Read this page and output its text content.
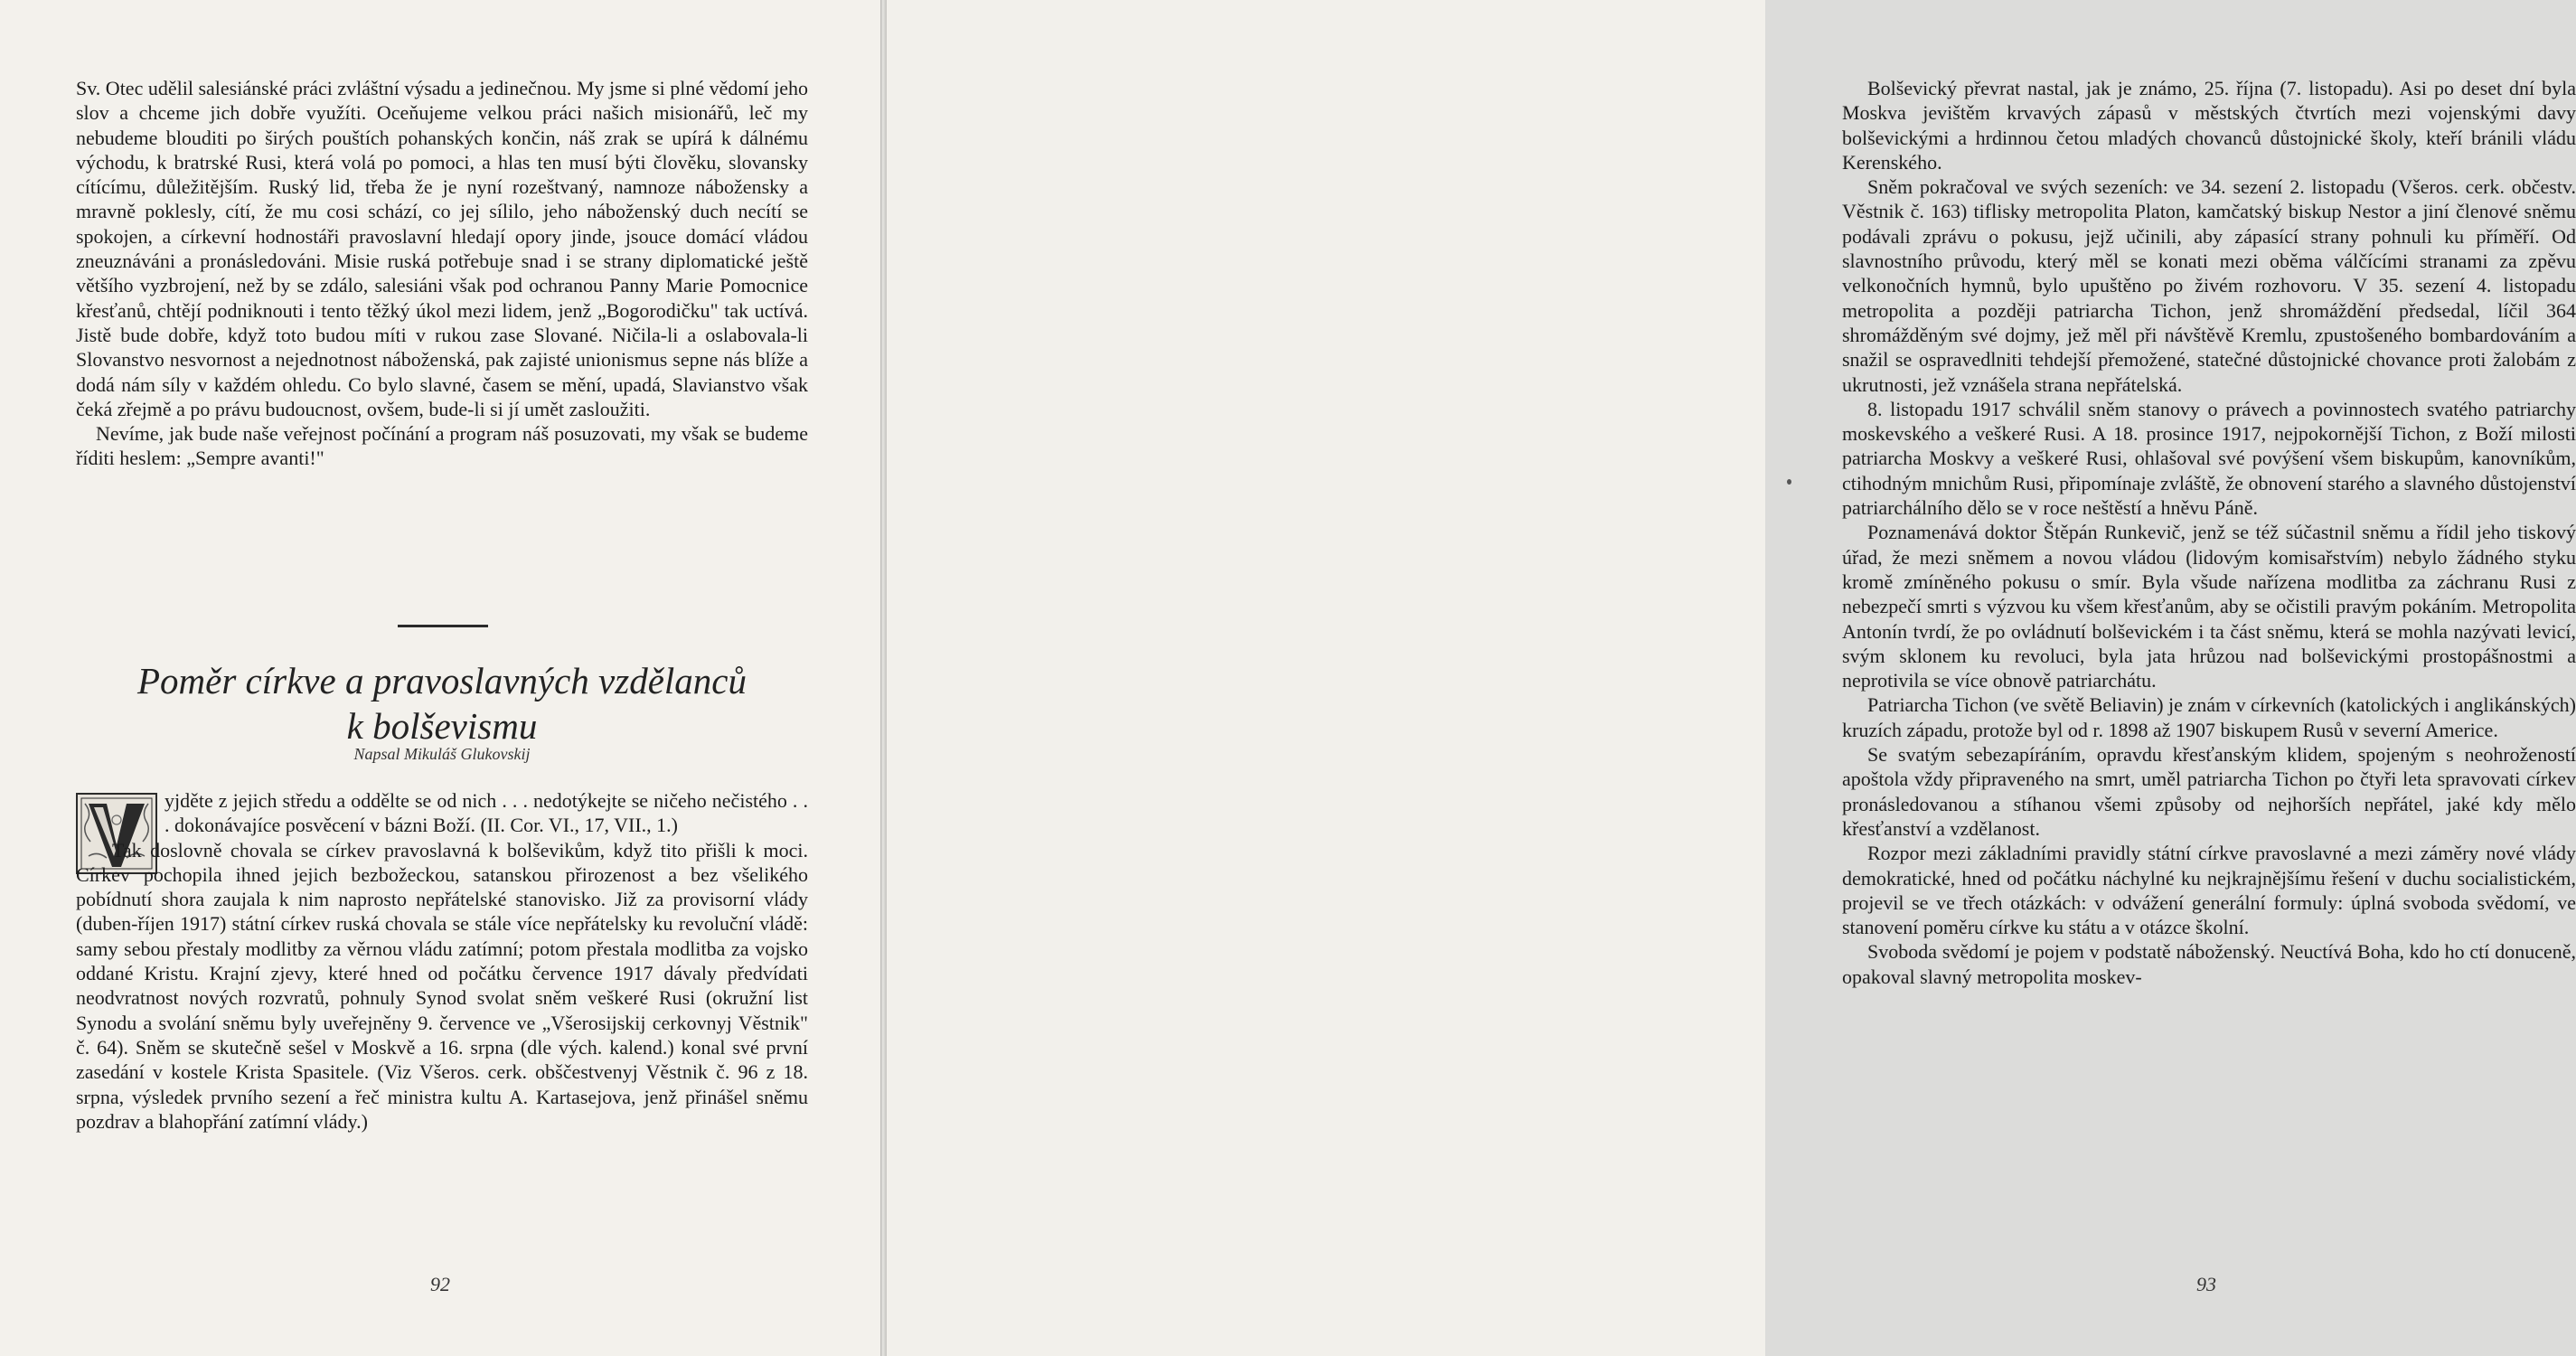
Sv. Otec udělil salesiánské práci zvláštní výsadu a jedinečnou. My jsme si plné vědomí jeho slov a chceme jich dobře využíti. Oceňujeme velkou práci našich misionářů, leč my nebudeme blouditi po širých pouštích pohanských končin, náš zrak se upírá k dálnému východu, k bratrské Rusi, která volá po pomoci, a hlas ten musí býti člověku, slovansky cítícímu, důležitějším. Ruský lid, třeba že je nyní rozeštvaný, namnoze nábožensky a mravně poklesly, cítí, že mu cosi schází, co jej sílilo, jeho náboženský duch necítí se spokojen, a církevní hodnostáři pravoslavní hledají opory jinde, jsouce domácí vládou zneuznáváni a pronásledováni. Misie ruská potřebuje snad i se strany diplomatické ještě většího vyzbrojení, než by se zdálo, salesiáni však pod ochranou Panny Marie Pomocnice křesťanů, chtějí podniknouti i tento těžký úkol mezi lidem, jenž „Bogorodičku" tak uctívá. Jistě bude dobře, když toto budou míti v rukou zase Slované. Ničila-li a oslabovala-li Slovanstvo nesvornost a nejednotnost náboženská, pak zajisté unionismus sepne nás blíže a dodá nám síly v každém ohledu. Co bylo slavné, časem se mění, upadá, Slavianstvo však čeká zřejmě a po právu budoucnost, ovšem, bude-li si jí umět zasloužiti.

Nevíme, jak bude naše veřejnost počínání a program náš posuzovati, my však se budeme říditi heslem: „Sempre avanti!"

Poměr církve a pravoslavných vzdělanců
k bolševismu
Napsal Mikuláš Glukovskij

yjděte z jejich středu a oddělte se od nich . . . nedotýkejte se ničeho nečistého . . . dokonávajíce posvěcení v bázni Boží. (II. Cor. VI., 17, VII., 1.)

Tak doslovně chovala se církev pravoslavná k bolševikům, když tito přišli k moci. Církev pochopila ihned jejich bezbožeckou, satanskou přirozenost a bez všelikého pobídnutí shora zaujala k nim naprosto nepřátelské stanovisko. Již za provisorní vlády (duben-říjen 1917) státní církev ruská chovala se stále více nepřátelsky ku revoluční vládě: samy sebou přestaly modlitby za věrnou vládu zatímní; potom přestala modlitba za vojsko oddané Kristu. Krajní zjevy, které hned od počátku července 1917 dávaly předvídati neodvratnost nových rozvratů, pohnuly Synod svolat sněm veškeré Rusi (okružní list Synodu a svolání sněmu byly uveřejněny 9. července ve „Všerosijskij cerkovnyj Věstnik" č. 64). Sněm se skutečně sešel v Moskvě a 16. srpna (dle vých. kalend.) konal své první zasedání v kostele Krista Spasitele. (Viz Všeros. cerk. obščestvenyj Věstnik č. 96 z 18. srpna, výsledek prvního sezení a řeč ministra kultu A. Kartasejova, jenž přinášel sněmu pozdrav a blahopřání zatímní vlády.)

92

Bolševický převrat nastal, jak je známo, 25. října (7. listopadu). Asi po deset dní byla Moskva jevištěm krvavých zápasů v městských čtvrtích mezi vojenskými davy bolševickými a hrdinnou četou mladých chovanců důstojnické školy, kteří bránili vládu Kerenského.

Sněm pokračoval ve svých sezeních: ve 34. sezení 2. listopadu (Všeros. cerk. občestv. Věstnik č. 163) tiflisky metropolita Platon, kamčatský biskup Nestor a jiní členové sněmu podávali zprávu o pokusu, jejž učinili, aby zápasící strany pohnuli ku příměří. Od slavnostního průvodu, který měl se konati mezi oběma válčícími stranami za zpěvu velkonočních hymnů, bylo upuštěno po živém rozhovoru. V 35. sezení 4. listopadu metropolita a později patriarcha Tichon, jenž shromáždění předsedal, líčil 364 shromážděným své dojmy, jež měl při návštěvě Kremlu, zpustošeného bombardováním a snažil se ospravedlniti tehdejší přemožené, statečné důstojnické chovance proti žalobám z ukrutnosti, jež vznášela strana nepřátelská.

8. listopadu 1917 schválil sněm stanovy o právech a povinnostech svatého patriarchy moskevského a veškeré Rusi. A 18. prosince 1917, nejpokornější Tichon, z Boží milosti patriarcha Moskvy a veškeré Rusi, ohlašoval své povýšení všem biskupům, kanovníkům, ctihodným mnichům Rusi, připomínaje zvláště, že obnovení starého a slavného důstojenství patriarchálního dělo se v roce neštěstí a hněvu Páně.

Poznamenává doktor Štěpán Runkevič, jenž se též súčastnil sněmu a řídil jeho tiskový úřad, že mezi sněmem a novou vládou (lidovým komisařstvím) nebylo žádného styku kromě zmíněného pokusu o smír. Byla všude nařízena modlitba za záchranu Rusi z nebezpečí smrti s výzvou ku všem křesťanům, aby se očistili pravým pokáním. Metropolita Antonín tvrdí, že po ovládnutí bolševickém i ta část sněmu, která se mohla nazývati levicí, svým sklonem ku revoluci, byla jata hrůzou nad bolševickými prostopášnostmi a neprotivila se více obnově patriarchátu.

Patriarcha Tichon (ve světě Beliavin) je znám v církevních (katolických i anglikánských) kruzích západu, protože byl od r. 1898 až 1907 biskupem Rusů v severní Americe.

Se svatým sebezapíráním, opravdu křesťanským klidem, spojeným s neohrožeností apoštola vždy připraveného na smrt, uměl patriarcha Tichon po čtyři leta spravovati církev pronásledovanou a stíhanou všemi způsoby od nejhorších nepřátel, jaké kdy mělo křesťanství a vzdělanost.

Rozpor mezi základními pravidly státní církve pravoslavné a mezi záměry nové vlády demokratické, hned od počátku náchylné ku nejkrajnějšímu řešení v duchu socialistickém, projevil se ve třech otázkách: v odvážení generální formuly: úplná svoboda svědomí, ve stanovení poměru církve ku státu a v otázce školní.

Svoboda svědomí je pojem v podstatě náboženský. Neuctívá Boha, kdo ho ctí donuceně, opakoval slavný metropolita moskev-

93
